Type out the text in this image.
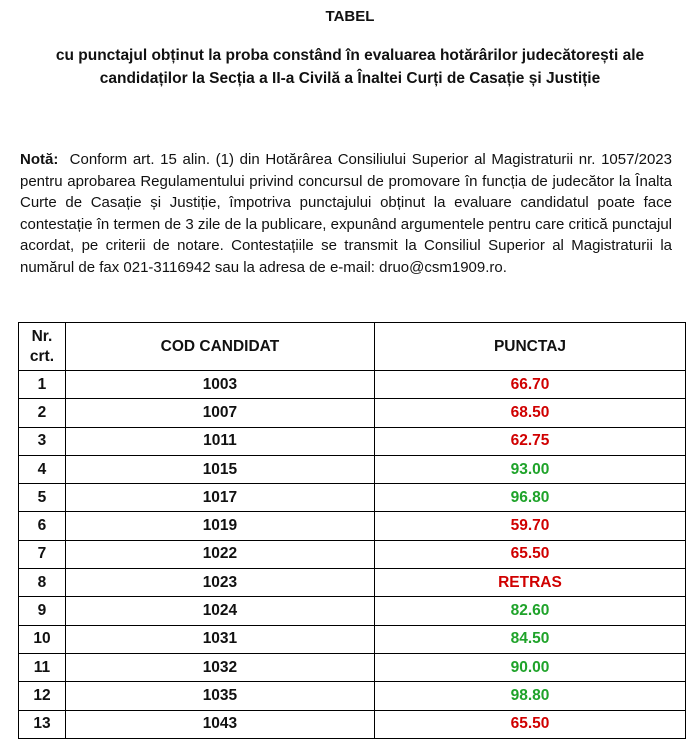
TABEL
cu punctajul obținut la proba constând în evaluarea hotărârilor judecătorești ale
candidaților la Secția a II-a Civilă a Înaltei Curți de Casație și Justiție
Notă: Conform art. 15 alin. (1) din Hotărârea Consiliului Superior al Magistraturii nr. 1057/2023 pentru aprobarea Regulamentului privind concursul de promovare în funcția de judecător la Înalta Curte de Casație și Justiție, împotriva punctajului obținut la evaluare candidatul poate face contestație în termen de 3 zile de la publicare, expunând argumentele pentru care critică punctajul acordat, pe criterii de notare. Contestațiile se transmit la Consiliul Superior al Magistraturii la numărul de fax 021-3116942 sau la adresa de e-mail: druo@csm1909.ro.
Nr.
crt.	COD CANDIDAT	PUNCTAJ
1	1003	66.70
2	1007	68.50
3	1011	62.75
4	1015	93.00
5	1017	96.80
6	1019	59.70
7	1022	65.50
8	1023	RETRAS
9	1024	82.60
10	1031	84.50
11	1032	90.00
12	1035	98.80
13	1043	65.50
